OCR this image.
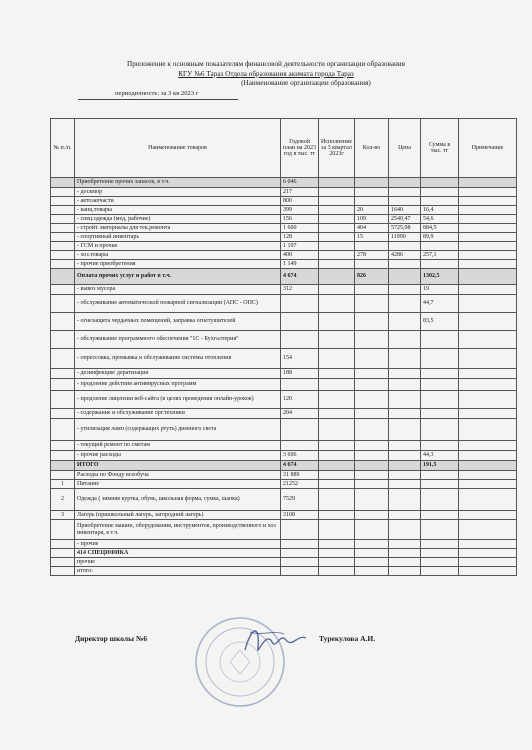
Приложение к основным показателям финансовой деятельности организации образования
КГУ №6 Тараз Отдела образования акимата города Тараз
(Наименование организации образования)
периодичность: за 3 кв 2023 г
№ п./п.	Наименование товаров	Годовой план на 2023 год в тыс. тг	Исполнение за 3 квартал 2023г	Кол-во	Цена	Сумма в тыс. тг	Примечание
	Приобретение прочих запасов, в т.ч.	6 046					
	- доскмор	217					
	- автозапчасти	800					
	- канц.товары	399		20	1640	16,4	
	- спец.одежда (мед, рабочие)	156		109	2540,47	54,6	
	- стройт. материалы для тек.ремонта	1 600		404	5725,08	884,5	
	- спортивный инвентарь	128		15	11990	89,9	
	- ГСМ и прочие	1 197					
	- хоз.товары	400		278	4286	257,1	
	- прочие приобретения	1 149					
	Оплата прочих услуг и работ в т.ч.	4 674		826		1302,5	
	- вывоз мусора	312				19	
	- обслуживание автоматической пожарной сигнализации (АПС - ОПС)					44,7	
	- огнезащита чердачных помещений, заправка огнетушителей					83,5	
	- обслуживание программного обеспечения "1С - Бухгалтерия"						
	- опрессовка, промывка и обслуживание системы отопления	154					
	- дезинфекция/ дератизация	188					
	- продление действия антивирусных программ						
	- продление лицензии веб-сайта (в целях проведения онлайн-уроков)	120					
	- содержание и обслуживание орг.техники	204					
	- утилизация ламп (содержащих ртуть) дневного света						
	- текущий ремонт по сметам						
	- прочие расходы	3 696				44,3	
	ИТОГО	4 674				191,5	
	Расходы по Фонду всеобуча	31 889					
1	Питание	21252					
2	Одежда ( зимняя куртка, обувь, школьная форма, сумка, шапка)	7529					
3	Лагерь (пришкольный лагерь, загородний лагерь)	3108					
	Приобретение машин, оборудования, инструментов, производственного и хоз инвентаря, в т.ч.						
	- прочие						
	414 СПЕЦИФИКА						
	прочие						
	итого:						
Директор школы №6	Турекулова А.И.
